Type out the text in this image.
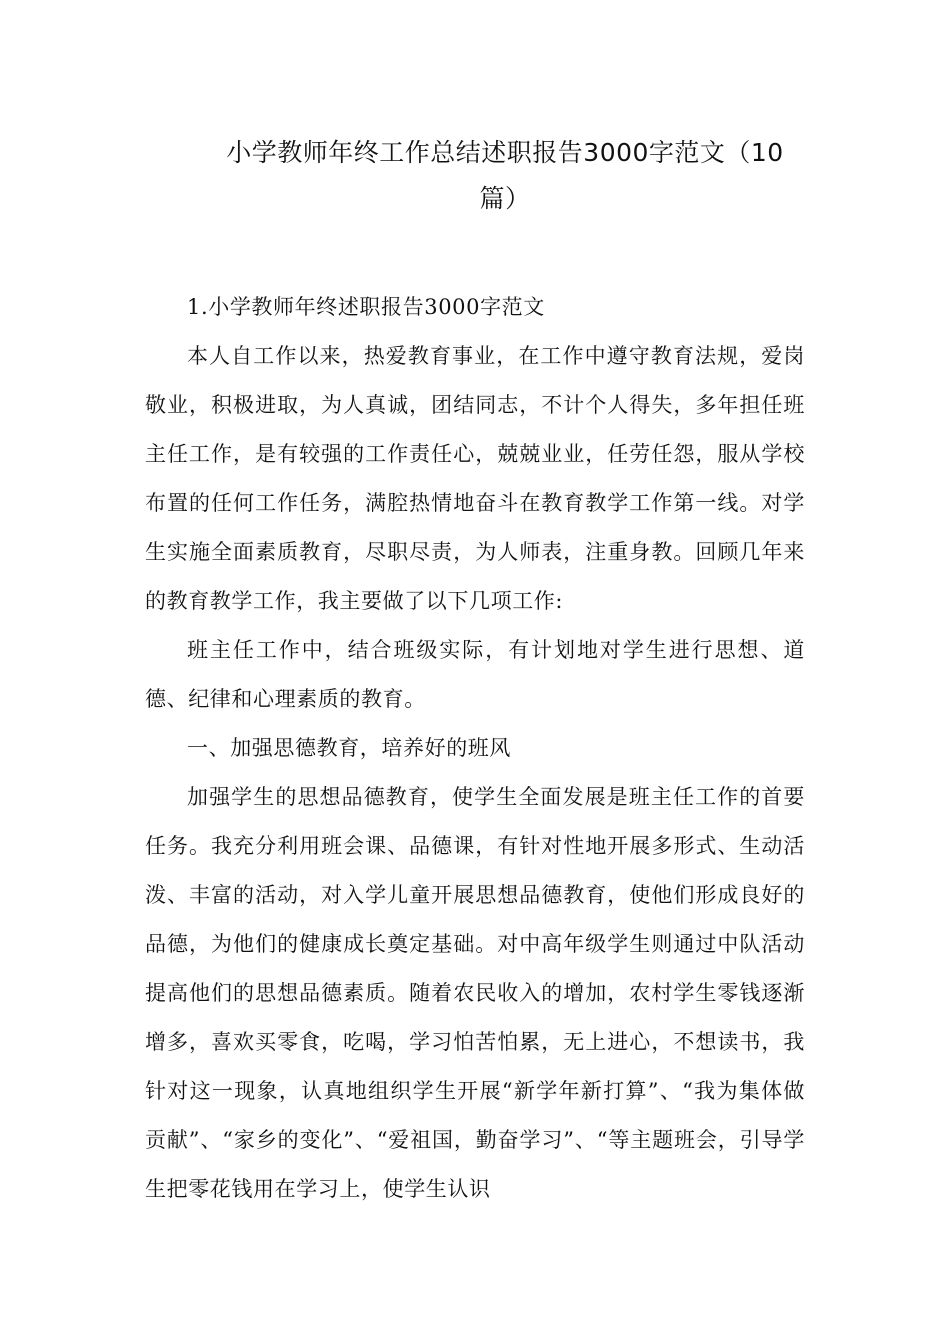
小学教师年终工作总结述职报告3000字范文（10
篇）

1.小学教师年终述职报告3000字范文

本人自工作以来，热爱教育事业，在工作中遵守教育法规，爱岗敬业，积极进取，为人真诚，团结同志，不计个人得失，多年担任班主任工作，是有较强的工作责任心，兢兢业业，任劳任怨，服从学校布置的任何工作任务，满腔热情地奋斗在教育教学工作第一线。对学生实施全面素质教育，尽职尽责，为人师表，注重身教。回顾几年来的教育教学工作，我主要做了以下几项工作:

班主任工作中，结合班级实际，有计划地对学生进行思想、道德、纪律和心理素质的教育。

一、加强思德教育，培养好的班风

加强学生的思想品德教育，使学生全面发展是班主任工作的首要任务。我充分利用班会课、品德课，有针对性地开展多形式、生动活泼、丰富的活动，对入学儿童开展思想品德教育，使他们形成良好的品德，为他们的健康成长奠定基础。对中高年级学生则通过中队活动提高他们的思想品德素质。随着农民收入的增加，农村学生零钱逐渐增多，喜欢买零食，吃喝，学习怕苦怕累，无上进心，不想读书，我针对这一现象，认真地组织学生开展“新学年新打算”、“我为集体做贡献”、“家乡的变化”、“爱祖国，勤奋学习”、“等主题班会，引导学生把零花钱用在学习上，使学生认识
